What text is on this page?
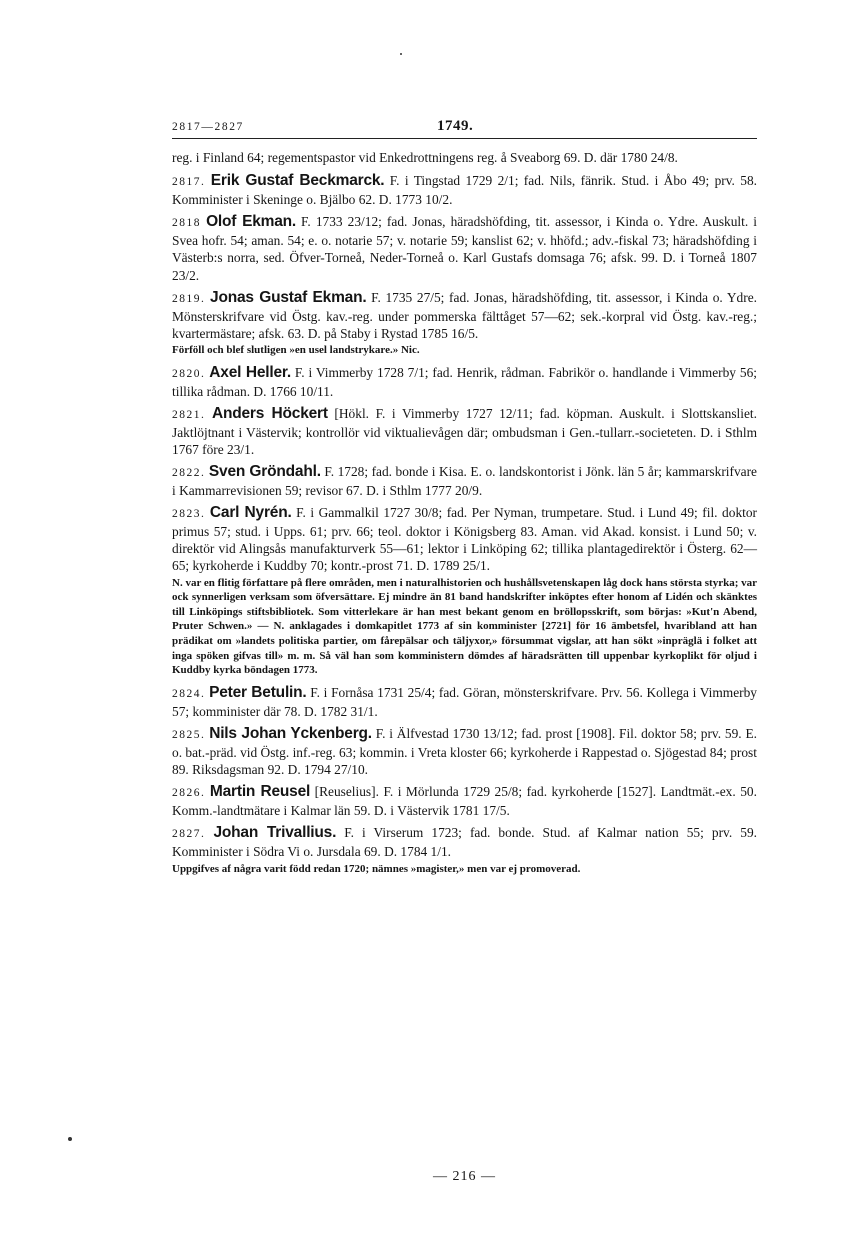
2817—2827	1749.

reg. i Finland 64; regementspastor vid Enkedrottningens reg. å Sveaborg 69. D. där 1780 24/8.

2817. Erik Gustaf Beckmarck. F. i Tingstad 1729 2/1; fad. Nils, fänrik. Stud. i Åbo 49; prv. 58. Komminister i Skeninge o. Bjälbo 62. D. 1773 10/2.

2818 Olof Ekman. F. 1733 23/12; fad. Jonas, häradshöfding, tit. assessor, i Kinda o. Ydre. Auskult. i Svea hofr. 54; aman. 54; e. o. notarie 57; v. notarie 59; kanslist 62; v. hhöfd.; adv.-fiskal 73; häradshöfding i Västerb:s norra, sed. Öfver-Torneå, Neder-Torneå o. Karl Gustafs domsaga 76; afsk. 99. D. i Torneå 1807 23/2.

2819. Jonas Gustaf Ekman. F. 1735 27/5; fad. Jonas, häradshöfding, tit. assessor, i Kinda o. Ydre. Mönsterskrifvare vid Östg. kav.-reg. under pommerska fälttåget 57—62; sek.-korpral vid Östg. kav.-reg.; kvartermästare; afsk. 63. D. på Staby i Rystad 1785 16/5.

Förföll och blef slutligen »en usel landstrykare.» Nic.

2820. Axel Heller. F. i Vimmerby 1728 7/1; fad. Henrik, rådman. Fabrikör o. handlande i Vimmerby 56; tillika rådman. D. 1766 10/11.

2821. Anders Höckert [Hökl. F. i Vimmerby 1727 12/11; fad. köpman. Auskult. i Slottskansliet. Jaktlöjtnant i Västervik; kontrollör vid viktualievågen där; ombudsman i Gen.-tullarr.-societeten. D. i Sthlm 1767 före 23/1.

2822. Sven Gröndahl. F. 1728; fad. bonde i Kisa. E. o. landskontorist i Jönk. län 5 år; kammarskrifvare i Kammarrevisionen 59; revisor 67. D. i Sthlm 1777 20/9.

2823. Carl Nyrén. F. i Gammalkil 1727 30/8; fad. Per Nyman, trumpetare. Stud. i Lund 49; fil. doktor primus 57; stud. i Upps. 61; prv. 66; teol. doktor i Königsberg 83. Aman. vid Akad. konsist. i Lund 50; v. direktör vid Alingsås manufakturverk 55—61; lektor i Linköping 62; tillika plantagedirektör i Österg. 62—65; kyrkoherde i Kuddby 70; kontr.-prost 71. D. 1789 25/1.

N. var en flitig författare på flere områden, men i naturalhistorien och hushållsvetenskapen låg dock hans största styrka; var ock synnerligen verksam som öfversättare. Ej mindre än 81 band handskrifter inköptes efter honom af Lidén och skänktes till Linköpings stiftsbibliotek. Som vitterlekare är han mest bekant genom en bröllopsskrift, som börjas: »Kut'n Abend, Pruter Schwen.» — N. anklagades i domkapitlet 1773 af sin komminister [2721] för 16 ämbetsfel, hvaribland att han prädikat om »landets politiska partier, om fårepälsar och täljyxor,» försummat vigslar, att han sökt »inpräglä i folket att inga spöken gifvas till» m. m. Så väl han som komministern dömdes af häradsrätten till uppenbar kyrkoplikt för oljud i Kuddby kyrka böndagen 1773.

2824. Peter Betulin. F. i Fornåsa 1731 25/4; fad. Göran, mönsterskrifvare. Prv. 56. Kollega i Vimmerby 57; komminister där 78. D. 1782 31/1.

2825. Nils Johan Yckenberg. F. i Älfvestad 1730 13/12; fad. prost [1908]. Fil. doktor 58; prv. 59. E. o. bat.-präd. vid Östg. inf.-reg. 63; kommin. i Vreta kloster 66; kyrkoherde i Rappestad o. Sjögestad 84; prost 89. Riksdagsman 92. D. 1794 27/10.

2826. Martin Reusel [Reuselius]. F. i Mörlunda 1729 25/8; fad. kyrkoherde [1527]. Landtmät.-ex. 50. Komm.-landtmätare i Kalmar län 59. D. i Västervik 1781 17/5.

2827. Johan Trivallius. F. i Virserum 1723; fad. bonde. Stud. af Kalmar nation 55; prv. 59. Komminister i Södra Vi o. Jursdala 69. D. 1784 1/1.

Uppgifves af några varit född redan 1720; nämnes »magister,» men var ej promoverad.

— 216 —
